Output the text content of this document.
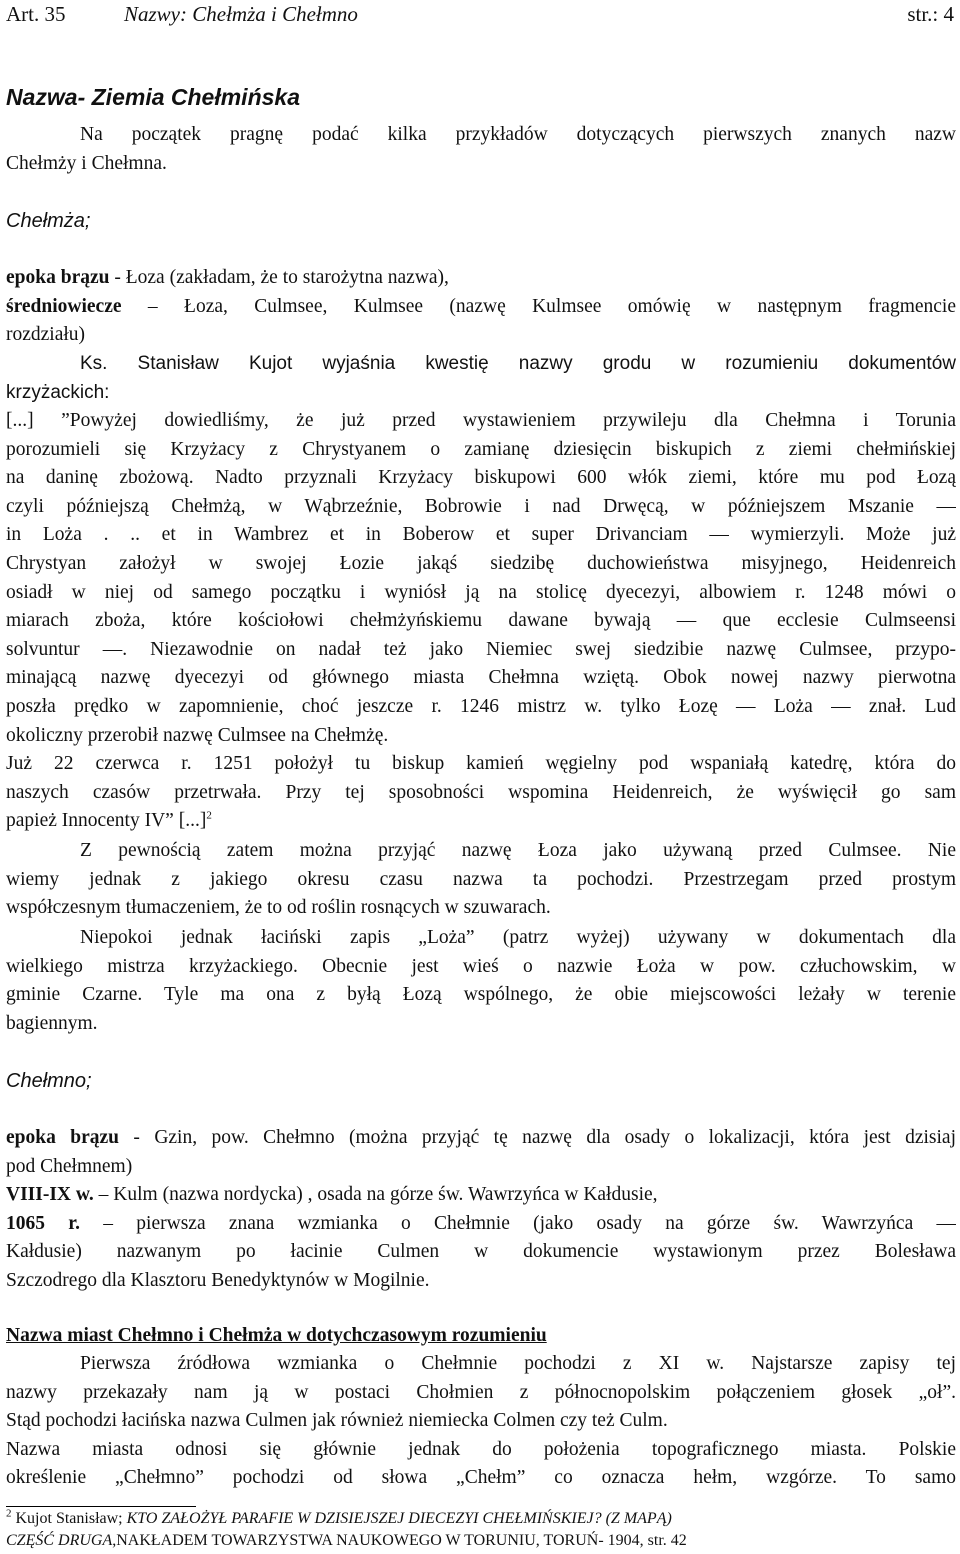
Art. 35	Nazwy: Chełmża i Chełmno	str.: 4
Nazwa- Ziemia Chełmińska
Na początek pragnę podać kilka przykładów dotyczących pierwszych znanych nazw
Chełmży i Chełmna.
Chełmża;
epoka brązu - Łoza (zakładam, że to starożytna nazwa),
średniowiecze – Łoza, Culmsee, Kulmsee (nazwę Kulmsee omówię w następnym fragmencie
rozdziału)
Ks. Stanisław Kujot wyjaśnia kwestię nazwy grodu w rozumieniu dokumentów
krzyżackich:
[...] ”Powyżej dowiedliśmy, że już przed wystawieniem przywileju dla Chełmna i Torunia
porozumieli się Krzyżacy z Chrystyanem o zamianę dziesięcin biskupich z ziemi chełmińskiej
na daninę zbożową. Nadto przyznali Krzyżacy biskupowi 600 włók ziemi, które mu pod Łozą
czyli późniejszą Chełmżą, w Wąbrzeźnie, Bobrowie i nad Drwęcą, w późniejszem Mszanie —
in Loża . .. et in Wambrez et in Boberow et super Drivanciam — wymierzyli. Może już
Chrystyan założył w swojej Łozie jakąś siedzibę duchowieństwa misyjnego, Heidenreich
osiadł w niej od samego początku i wyniósł ją na stolicę dyecezyi, albowiem r. 1248 mówi o
miarach zboża, które kościołowi chełmżyńskiemu dawane bywają — que ecclesie Culmseensi
solvuntur —. Niezawodnie on nadał też jako Niemiec swej siedzibie nazwę Culmsee, przypo-
minającą nazwę dyecezyi od głównego miasta Chełmna wziętą. Obok nowej nazwy pierwotna
poszła prędko w zapomnienie, choć jeszcze r. 1246 mistrz w. tylko Łozę — Loża — znał. Lud
okoliczny przerobił nazwę Culmsee na Chełmżę.
Już 22 czerwca r. 1251 położył tu biskup kamień węgielny pod wspaniałą katedrę, która do
naszych czasów przetrwała. Przy tej sposobności wspomina Heidenreich, że wyświęcił go sam
papież Innocenty IV” [...]$^2$
Z pewnością zatem można przyjąć nazwę Łoza jako używaną przed Culmsee. Nie
wiemy jednak z jakiego okresu czasu nazwa ta pochodzi. Przestrzegam przed prostym
współczesnym tłumaczeniem, że to od roślin rosnących w szuwarach.
Niepokoi jednak łaciński zapis „Loża” (patrz wyżej) używany w dokumentach dla
wielkiego mistrza krzyżackiego. Obecnie jest wieś o nazwie Łoża w pow. człuchowskim, w
gminie Czarne. Tyle ma ona z byłą Łozą wspólnego, że obie miejscowości leżały w terenie
bagiennym.
Chełmno;
epoka brązu - Gzin, pow. Chełmno (można przyjąć tę nazwę dla osady o lokalizacji, która jest dzisiaj
pod Chełmnem)
VIII-IX w. – Kulm (nazwa nordycka) , osada na górze św. Wawrzyńca w Kałdusie,
1065 r. – pierwsza znana wzmianka o Chełmnie (jako osady na górze św. Wawrzyńca —
Kałdusie) nazwanym po łacinie Culmen w dokumencie wystawionym przez Bolesława
Szczodrego dla Klasztoru Benedyktynów w Mogilnie.
Nazwa miast Chełmno i Chełmża w dotychczasowym rozumieniu
Pierwsza źródłowa wzmianka o Chełmnie pochodzi z XI w. Najstarsze zapisy tej
nazwy przekazały nam ją w postaci Chołmien z północnopolskim połączeniem głosek „oł”.
Stąd pochodzi łacińska nazwa Culmen jak również niemiecka Colmen czy też Culm.
Nazwa miasta odnosi się głównie jednak do położenia topograficznego miasta. Polskie
określenie „Chełmno” pochodzi od słowa „Chełm” co oznacza hełm, wzgórze. To samo
$^2$ Kujot Stanisław; KTO ZAŁOŻYŁ PARAFIE W DZISIEJSZEJ DIECEZYI CHEŁMIŃSKIEJ? (Z MAPĄ)
CZĘŚĆ DRUGA,NAKŁADEM TOWARZYSTWA NAUKOWEGO W TORUNIU, TORUŃ- 1904, str. 42
